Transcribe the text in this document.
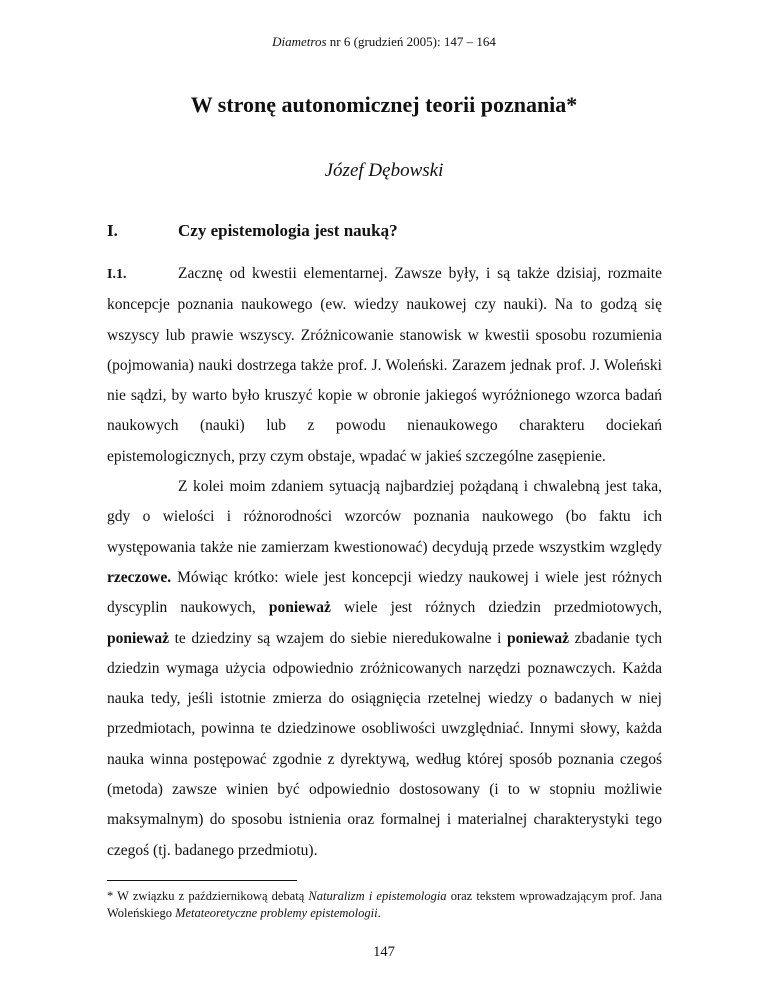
Diametros nr 6 (grudzień 2005): 147 – 164
W stronę autonomicznej teorii poznania*
Józef Dębowski
I.	Czy epistemologia jest nauką?

I.1.	Zacznę od kwestii elementarnej. Zawsze były, i są także dzisiaj, rozmaite koncepcje poznania naukowego (ew. wiedzy naukowej czy nauki). Na to godzą się wszyscy lub prawie wszyscy. Zróżnicowanie stanowisk w kwestii sposobu rozumienia (pojmowania) nauki dostrzega także prof. J. Woleński. Zarazem jednak prof. J. Woleński nie sądzi, by warto było kruszyć kopie w obronie jakiegoś wyróżnionego wzorca badań naukowych (nauki) lub z powodu nienaukowego charakteru dociekań epistemologicznych, przy czym obstaje, wpadać w jakieś szczególne zasępienie.

Z kolei moim zdaniem sytuacją najbardziej pożądaną i chwalebną jest taka, gdy o wielości i różnorodności wzorców poznania naukowego (bo faktu ich występowania także nie zamierzam kwestionować) decydują przede wszystkim względy rzeczowe. Mówiąc krótko: wiele jest koncepcji wiedzy naukowej i wiele jest różnych dyscyplin naukowych, ponieważ wiele jest różnych dziedzin przedmiotowych, ponieważ te dziedziny są wzajem do siebie nieredukowalne i ponieważ zbadanie tych dziedzin wymaga użycia odpowiednio zróżnicowanych narzędzi poznawczych. Każda nauka tedy, jeśli istotnie zmierza do osiągnięcia rzetelnej wiedzy o badanych w niej przedmiotach, powinna te dziedzinowe osobliwości uwzględniać. Innymi słowy, każda nauka winna postępować zgodnie z dyrektywą, według której sposób poznania czegoś (metoda) zawsze winien być odpowiednio dostosowany (i to w stopniu możliwie maksymalnym) do sposobu istnienia oraz formalnej i materialnej charakterystyki tego czegoś (tj. badanego przedmiotu).

* W związku z październikową debatą Naturalizm i epistemologia oraz tekstem wprowadzającym prof. Jana Woleńskiego Metateoretyczne problemy epistemologii.

147
